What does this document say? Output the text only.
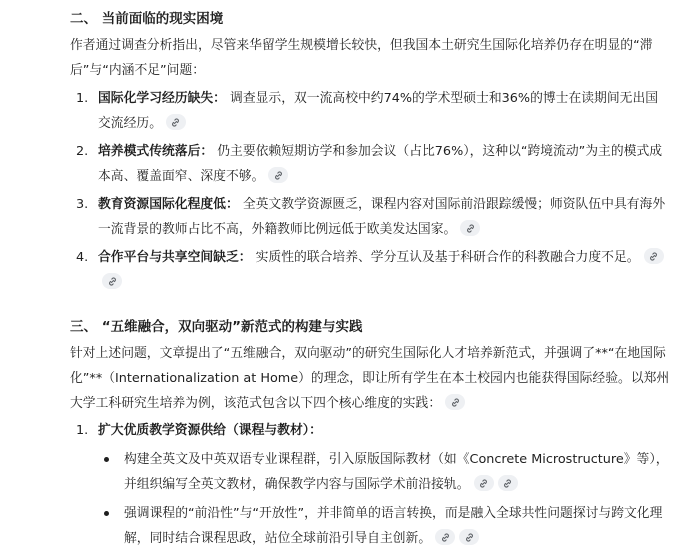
二、 当前面临的现实困境

作者通过调查分析指出，尽管来华留学生规模增长较快，但我国本土研究生国际化培养仍存在明显的“滞后”与“内涵不足”问题：

1. 国际化学习经历缺失： 调查显示，双一流高校中约74%的学术型硕士和36%的博士在读期间无出国交流经历。
2. 培养模式传统落后： 仍主要依赖短期访学和参加会议（占比76%），这种以“跨境流动”为主的模式成本高、覆盖面窄、深度不够。
3. 教育资源国际化程度低： 全英文教学资源匮乏，课程内容对国际前沿跟踪缓慢；师资队伍中具有海外一流背景的教师占比不高，外籍教师比例远低于欧美发达国家。
4. 合作平台与共享空间缺乏： 实质性的联合培养、学分互认及基于科研合作的科教融合力度不足。
三、 “五维融合，双向驱动”新范式的构建与实践

针对上述问题，文章提出了“五维融合，双向驱动”的研究生国际化人才培养新范式，并强调了**“在地国际化”**（Internationalization at Home）的理念，即让所有学生在本土校园内也能获得国际经验。以郑州大学工科研究生培养为例，该范式包含以下四个核心维度的实践：

1. 扩大优质教学资源供给（课程与教材）：
构建全英文及中英双语专业课程群，引入原版国际教材（如《Concrete Microstructure》等），并组织编写全英文教材，确保教学内容与国际学术前沿接轨。
强调课程的“前沿性”与“开放性”，并非简单的语言转换，而是融入全球共性问题探讨与跨文化理解，同时结合课程思政，站位全球前沿引导自主创新。
